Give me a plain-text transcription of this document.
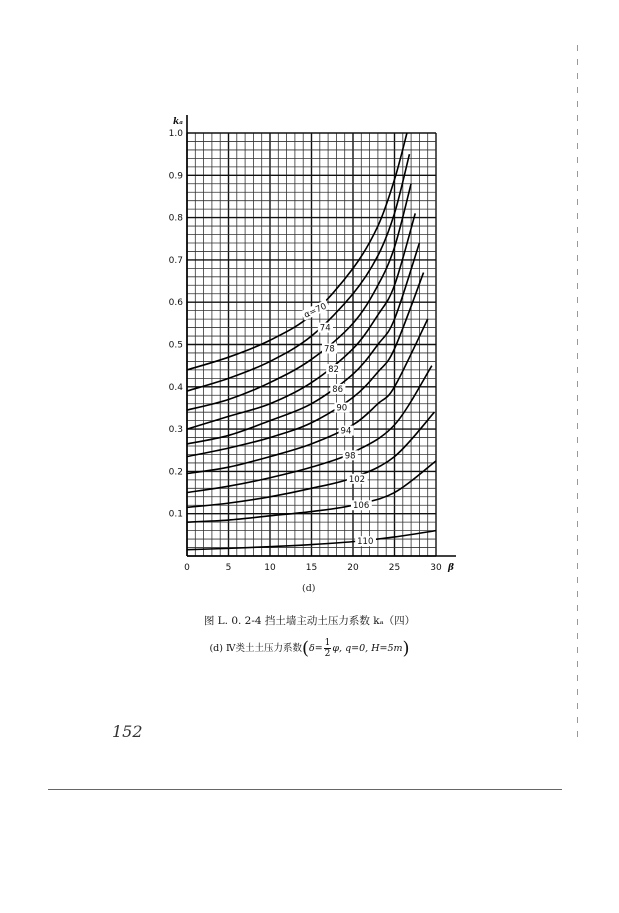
0	5	10	15	20	25	30
0.1
0.2
0.3
0.4
0.5
0.6
0.7
0.8
0.9
1.0
kₐ
β
α=70
74
78
82
86
90
94
98
102
106
110
(d)
图 L. 0. 2-4 挡土墙主动土压力系数 kₐ（四）
(d) Ⅳ类土土压力系数($\delta= \frac{1}{2} \varphi$, q=0, H=5m)
152
